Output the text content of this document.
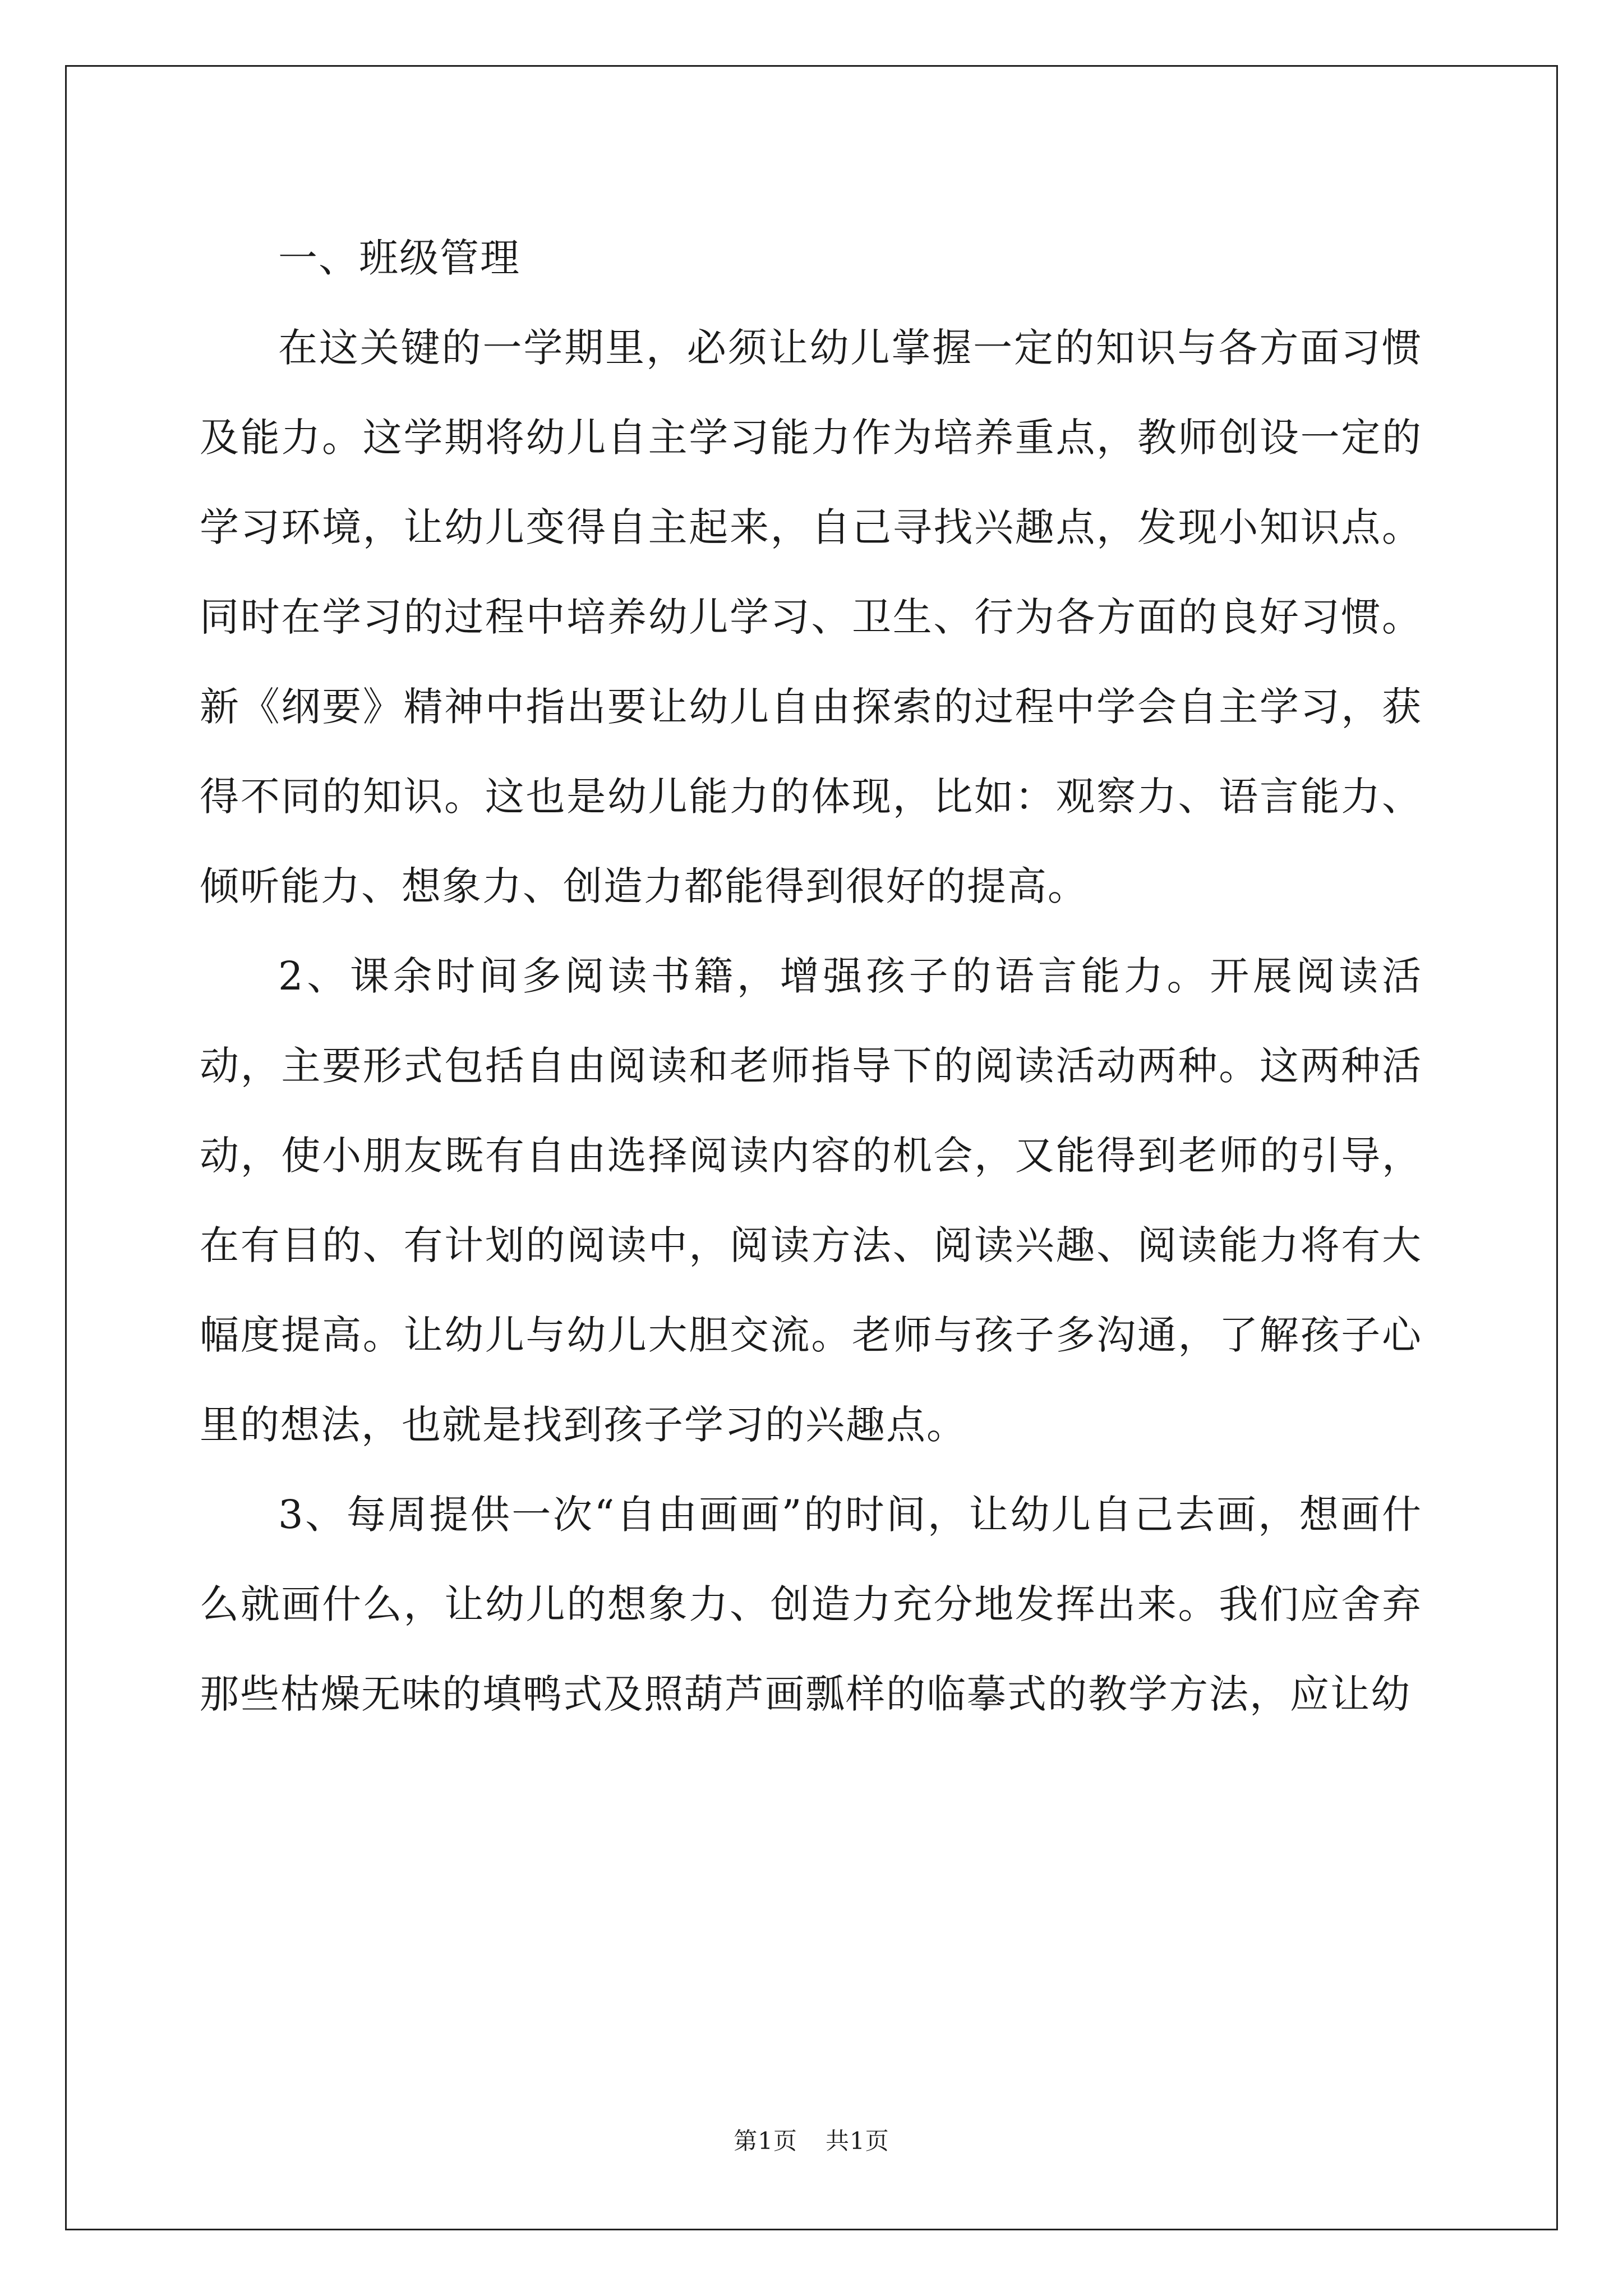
一、班级管理

在这关键的一学期里，必须让幼儿掌握一定的知识与各方面习惯及能力。这学期将幼儿自主学习能力作为培养重点，教师创设一定的学习环境，让幼儿变得自主起来，自己寻找兴趣点，发现小知识点。同时在学习的过程中培养幼儿学习、卫生、行为各方面的良好习惯。新《纲要》精神中指出要让幼儿自由探索的过程中学会自主学习，获得不同的知识。这也是幼儿能力的体现，比如：观察力、语言能力、倾听能力、想象力、创造力都能得到很好的提高。

2、课余时间多阅读书籍，增强孩子的语言能力。开展阅读活动，主要形式包括自由阅读和老师指导下的阅读活动两种。这两种活动，使小朋友既有自由选择阅读内容的机会，又能得到老师的引导，在有目的、有计划的阅读中，阅读方法、阅读兴趣、阅读能力将有大幅度提高。让幼儿与幼儿大胆交流。老师与孩子多沟通，了解孩子心里的想法，也就是找到孩子学习的兴趣点。

3、每周提供一次“自由画画”的时间，让幼儿自己去画，想画什么就画什么，让幼儿的想象力、创造力充分地发挥出来。我们应舍弃那些枯燥无味的填鸭式及照葫芦画瓢样的临摹式的教学方法，应让幼

第1页 共1页
